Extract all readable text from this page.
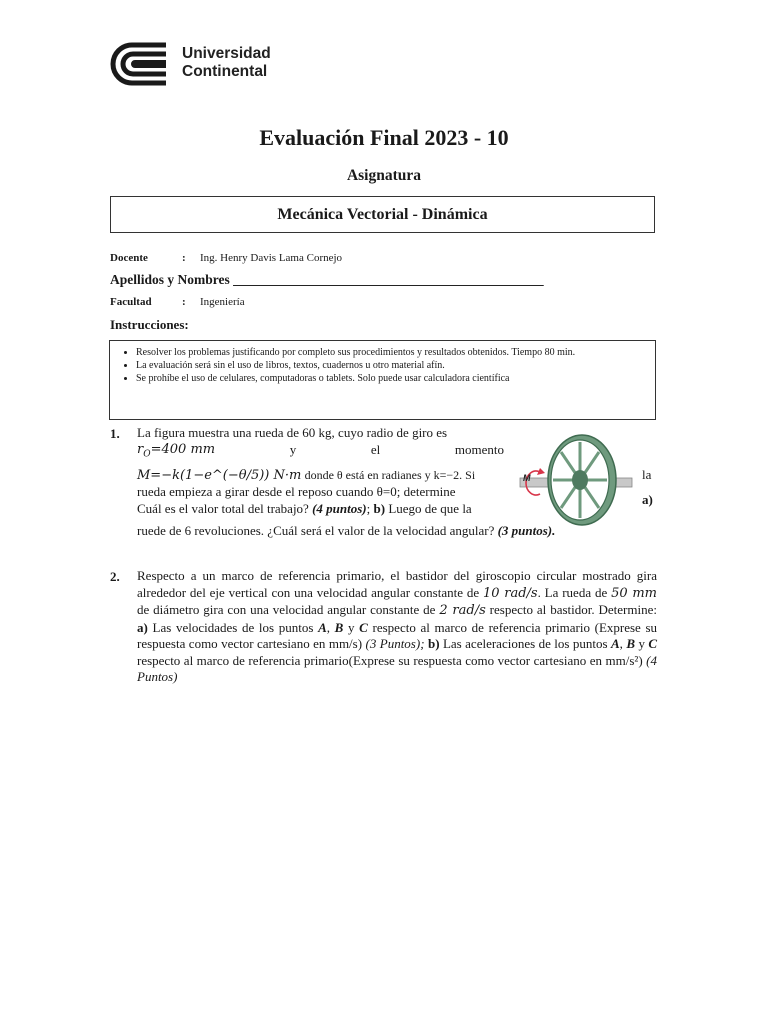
Universidad
Continental
Evaluación Final 2023 - 10
Asignatura
Mecánica Vectorial - Dinámica
Docente	: Ing. Henry Davis Lama Cornejo
Apellidos y Nombres ______________________________________________
Facultad	: Ingeniería
Instrucciones:
• Resolver los problemas justificando por completo sus procedimientos y resultados obtenidos. Tiempo 80 min.
• La evaluación será sin el uso de libros, textos, cuadernos u otro material afín.
• Se prohíbe el uso de celulares, computadoras o tablets. Solo puede usar calculadora científica
1. La figura muestra una rueda de 60 kg, cuyo radio de giro es
$r_O=400$ mm	y	el	momento
M=−k(1−e^(−θ/5)) N·m donde θ está en radianes y k=−2. Si
rueda empieza a girar desde el reposo cuando θ=0; determine
Cuál es el valor total del trabajo? (4 puntos); b) Luego de que la
la
a)
ruede de 6 revoluciones. ¿Cuál será el valor de la velocidad angular? (3 puntos).
M
2. Respecto a un marco de referencia primario, el bastidor del giroscopio circular mostrado gira alrededor del eje vertical con una velocidad angular constante de 10 rad/s. La rueda de 50 mm de diámetro gira con una velocidad angular constante de 2 rad/s respecto al bastidor. Determine: a) Las velocidades de los puntos A, B y C respecto al marco de referencia primario (Exprese su respuesta como vector cartesiano en mm/s) (3 Puntos); b) Las aceleraciones de los puntos A, B y C respecto al marco de referencia primario(Exprese su respuesta como vector cartesiano en mm/s²) (4 Puntos)
